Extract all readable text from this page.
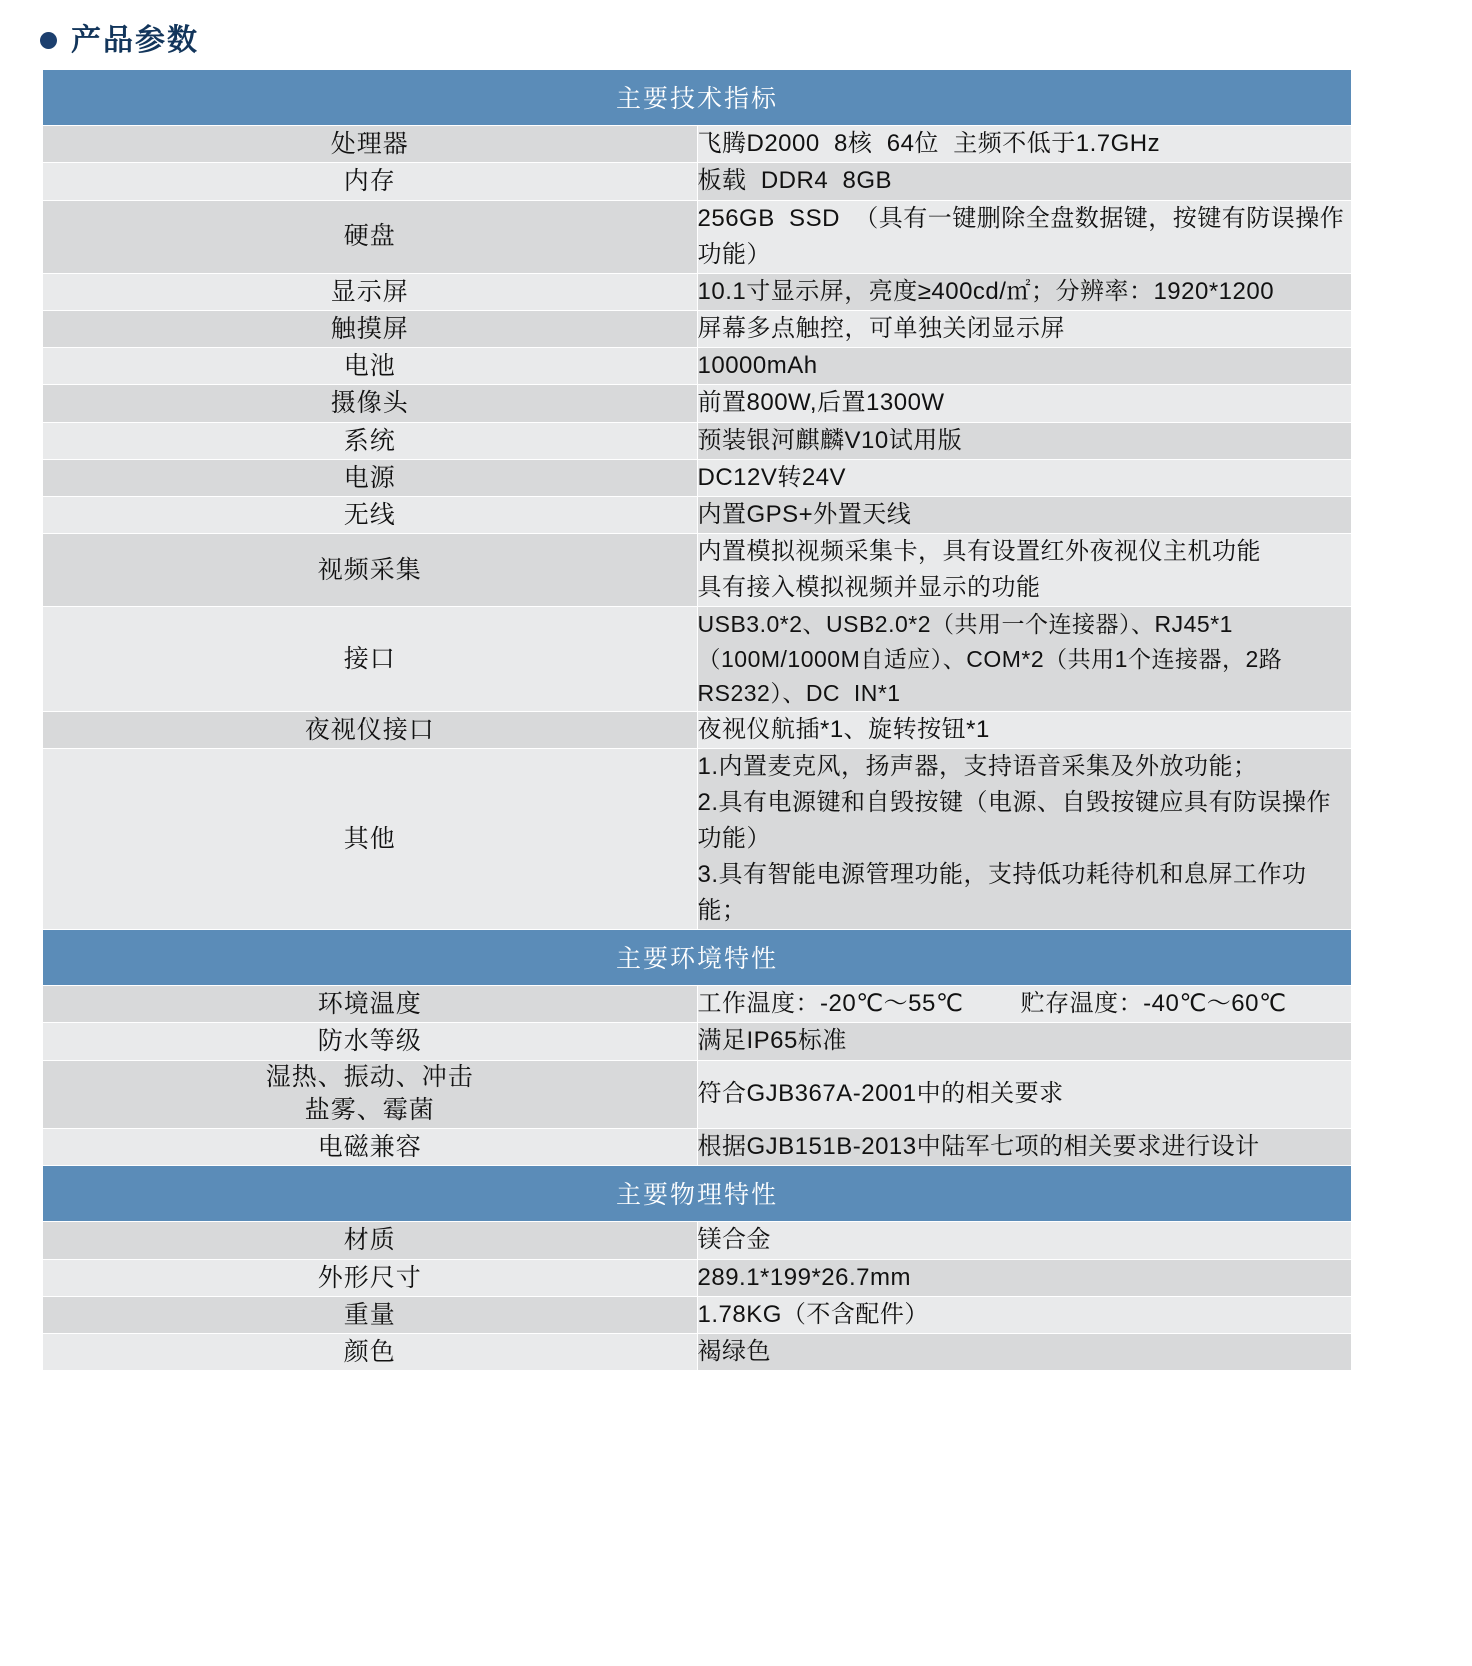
产品参数
主要技术指标	

处理器	飞腾D2000  8核  64位  主频不低于1.7GHz

内存	板载  DDR4  8GB

硬盘	256GB  SSD  （具有一键删除全盘数据键，按键有防误操作功能）

显示屏	10.1寸显示屏，亮度≥400cd/㎡；分辨率：1920*1200

触摸屏	屏幕多点触控，可单独关闭显示屏

电池	10000mAh

摄像头	前置800W,后置1300W

系统	预装银河麒麟V10试用版

电源	DC12V转24V

无线	内置GPS+外置天线

视频采集	内置模拟视频采集卡，具有设置红外夜视仪主机功能
具有接入模拟视频并显示的功能

接口	USB3.0*2、USB2.0*2（共用一个连接器）、RJ45*1（100M/1000M自适应）、COM*2（共用1个连接器，2路RS232）、DC  IN*1

夜视仪接口	夜视仪航插*1、旋转按钮*1

其他	1.内置麦克风，扬声器，支持语音采集及外放功能；
2.具有电源键和自毁按键（电源、自毁按键应具有防误操作功能）
3.具有智能电源管理功能，支持低功耗待机和息屏工作功能；

主要环境特性	

环境温度	工作温度：-20℃～55℃        贮存温度：-40℃～60℃

防水等级	满足IP65标准

湿热、振动、冲击
盐雾、霉菌	符合GJB367A-2001中的相关要求

电磁兼容	根据GJB151B-2013中陆军七项的相关要求进行设计

主要物理特性	

材质	镁合金

外形尺寸	289.1*199*26.7mm

重量	1.78KG（不含配件）

颜色	褐绿色
